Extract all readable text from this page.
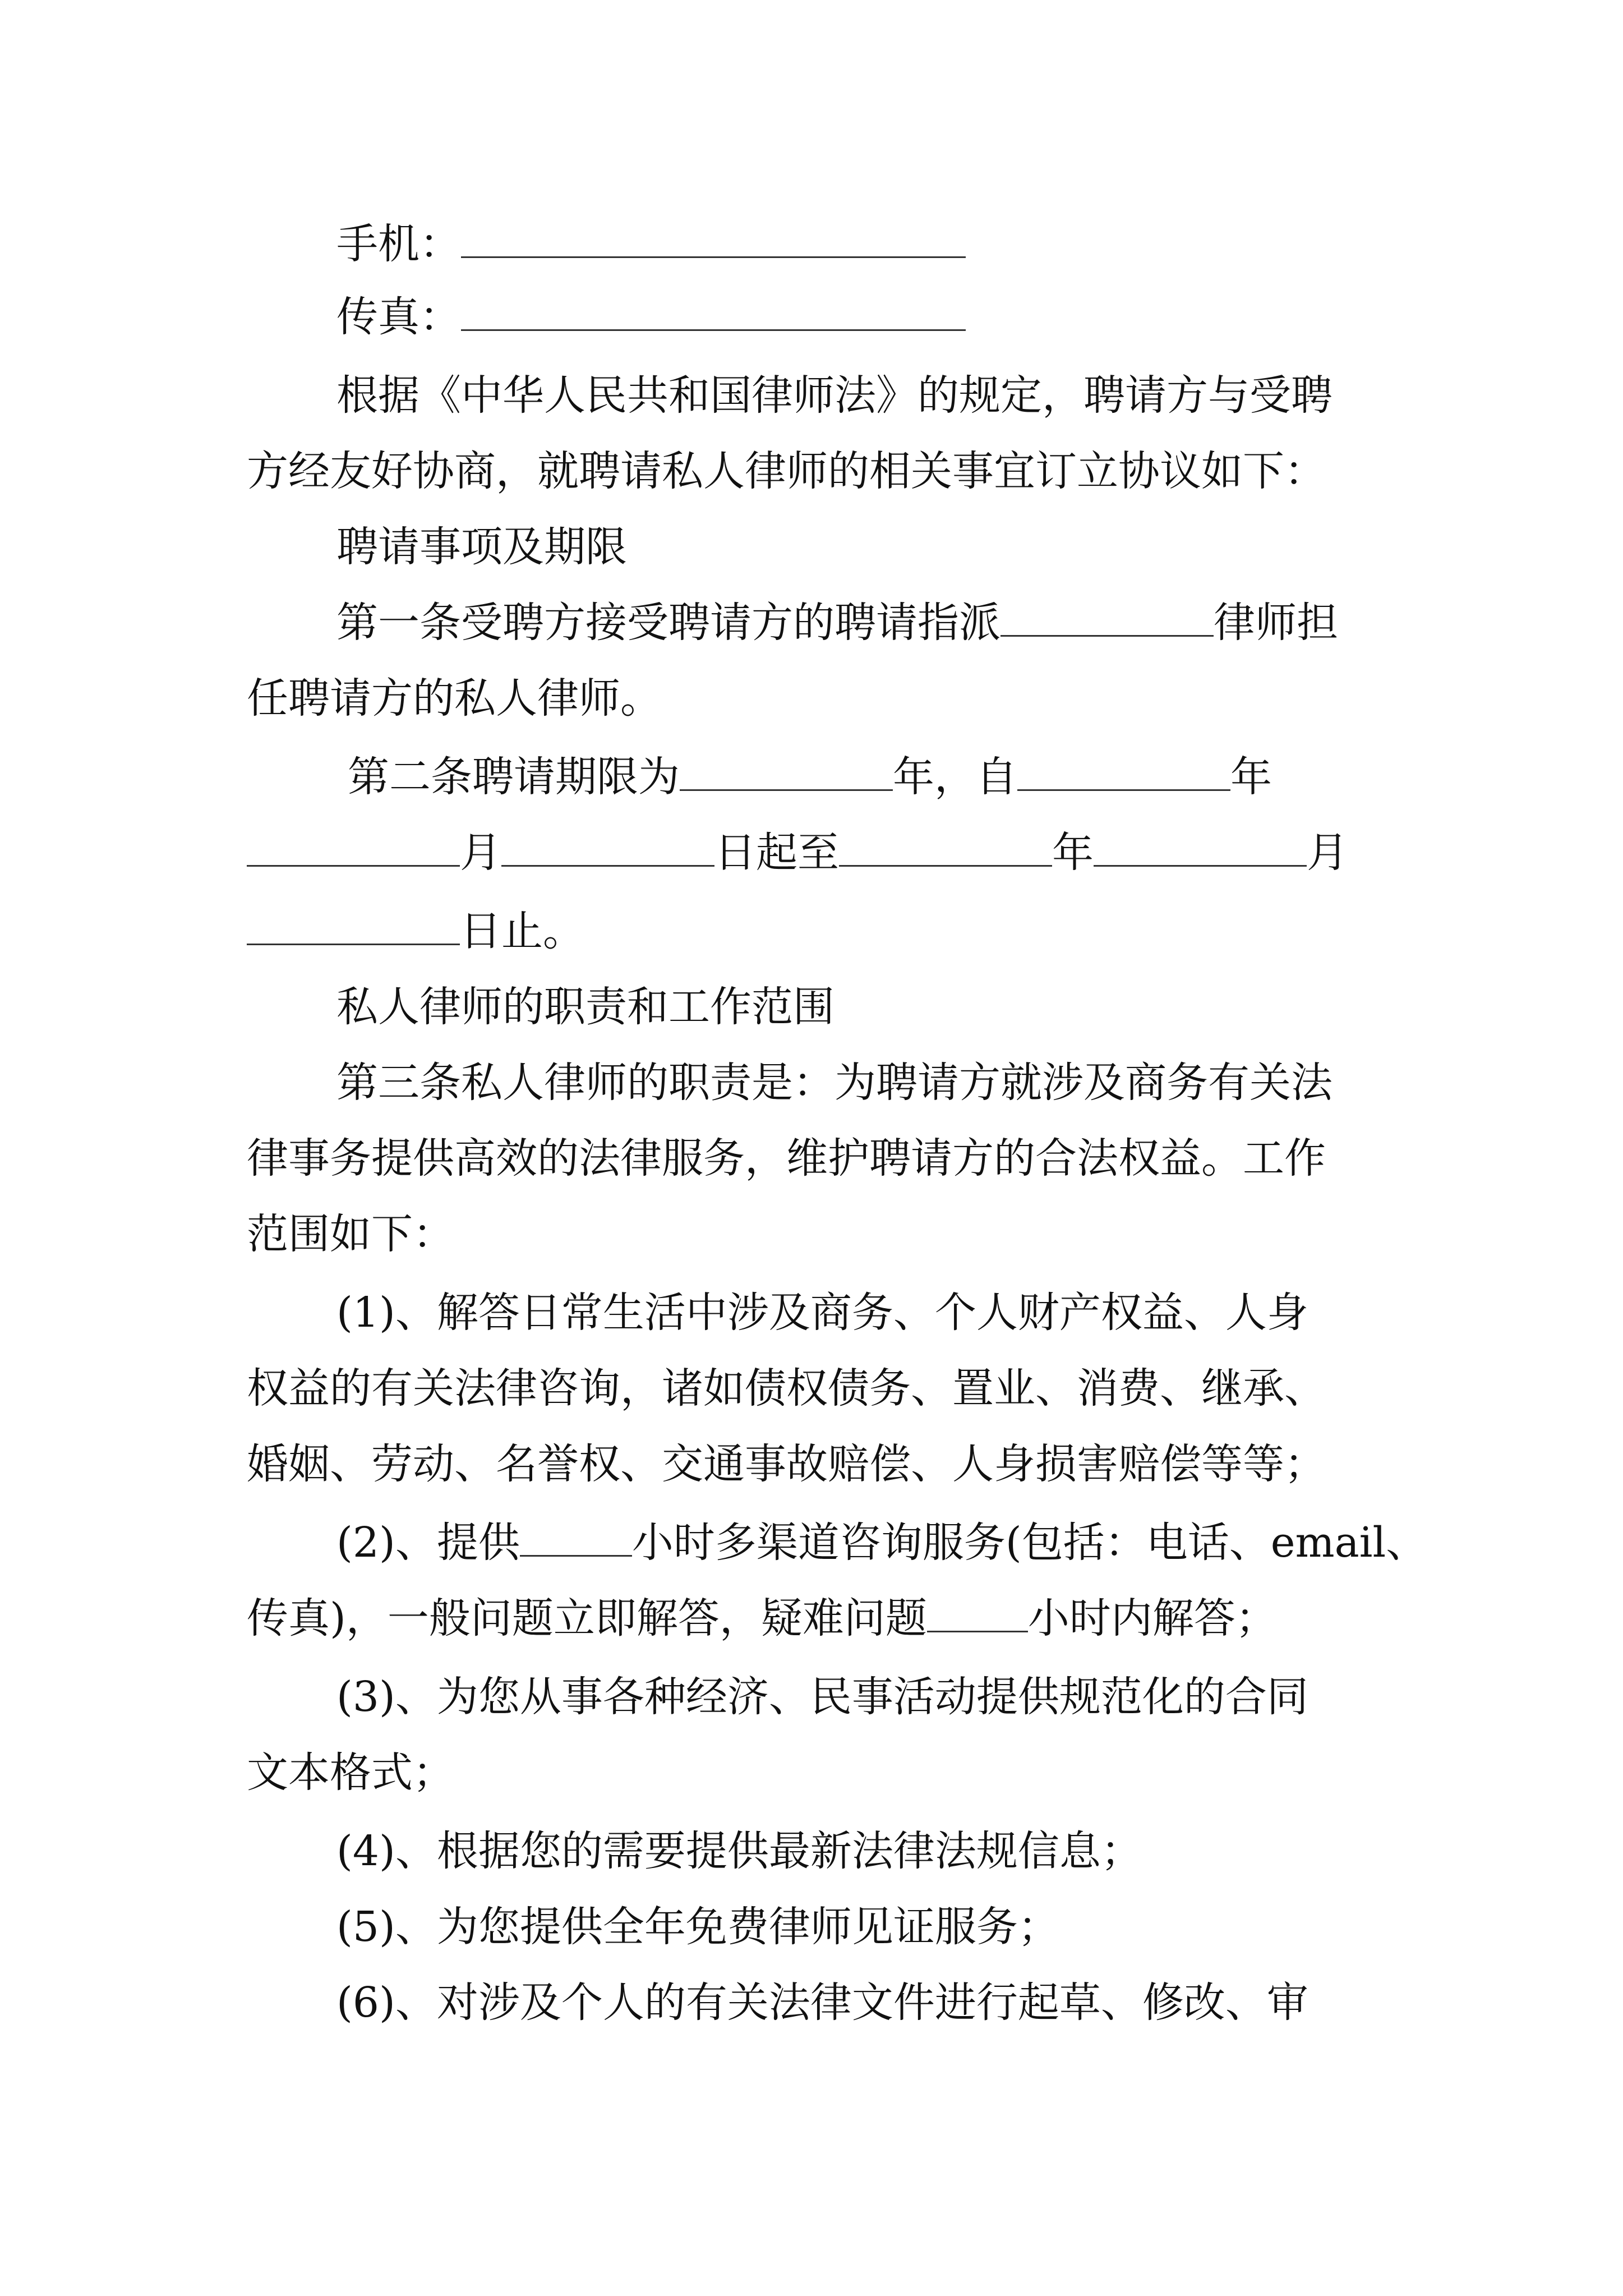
手机：
传真：
根据《中华人民共和国律师法》的规定，聘请方与受聘
方经友好协商，就聘请私人律师的相关事宜订立协议如下：
聘请事项及期限
第一条受聘方接受聘请方的聘请指派	律师担
任聘请方的私人律师。
第二条聘请期限为	年，自	年
月	日起至	年	月
日止。
私人律师的职责和工作范围
第三条私人律师的职责是：为聘请方就涉及商务有关法
律事务提供高效的法律服务，维护聘请方的合法权益。工作
范围如下：
(1)、解答日常生活中涉及商务、个人财产权益、人身
权益的有关法律咨询，诸如债权债务、置业、消费、继承、
婚姻、劳动、名誉权、交通事故赔偿、人身损害赔偿等等；
(2)、提供	小时多渠道咨询服务(包括：电话、email、
传真)，一般问题立即解答，疑难问题 小时内解答；
(3)、为您从事各种经济、民事活动提供规范化的合同
文本格式；
(4)、根据您的需要提供最新法律法规信息；
(5)、为您提供全年免费律师见证服务；
(6)、对涉及个人的有关法律文件进行起草、修改、审
